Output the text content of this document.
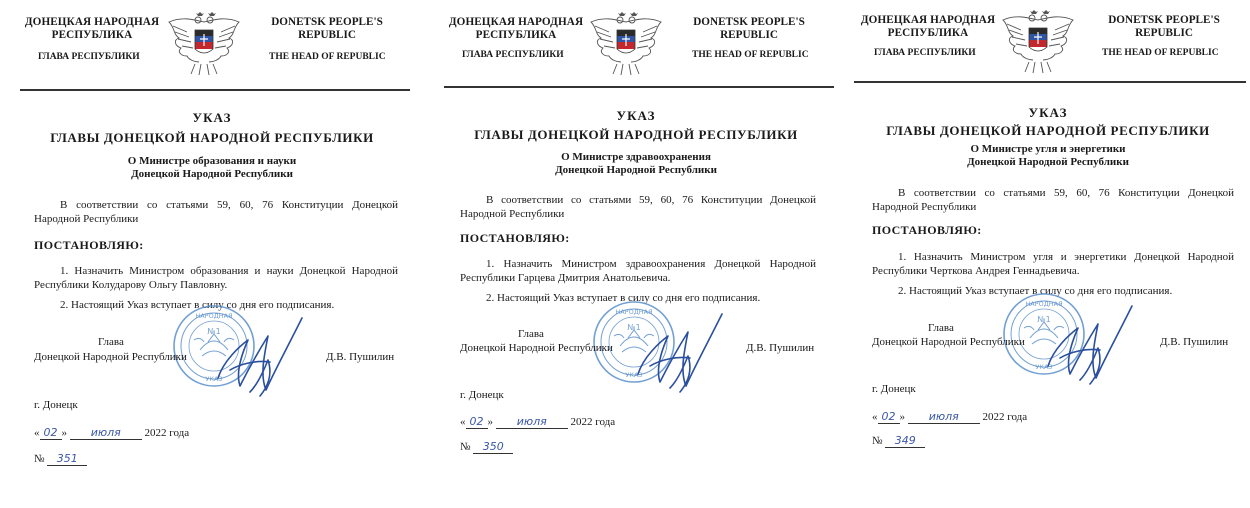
ДОНЕЦКАЯ НАРОДНАЯ РЕСПУБЛИКА
DONETSK PEOPLE'S REPUBLIC
ГЛАВА РЕСПУБЛИКИ	THE HEAD OF REPUBLIC
УКАЗ
ГЛАВЫ ДОНЕЦКОЙ НАРОДНОЙ РЕСПУБЛИКИ
О Министре образования и науки
Донецкой Народной Республики
В соответствии со статьями 59, 60, 76 Конституции Донецкой Народной Республики
ПОСТАНОВЛЯЮ:
1. Назначить Министром образования и науки Донецкой Народной Республики Колударову Ольгу Павловну.
2. Настоящий Указ вступает в силу со дня его подписания.
НАРОДНАЯ
№1
УКАЗ
Глава
Донецкой Народной Республики	Д.В. Пушилин
г. Донецк
« 02 » июля 2022 года
№ 351
ДОНЕЦКАЯ НАРОДНАЯ РЕСПУБЛИКА
DONETSK PEOPLE'S REPUBLIC
ГЛАВА РЕСПУБЛИКИ	THE HEAD OF REPUBLIC
УКАЗ
ГЛАВЫ ДОНЕЦКОЙ НАРОДНОЙ РЕСПУБЛИКИ
О Министре здравоохранения
Донецкой Народной Республики
В соответствии со статьями 59, 60, 76 Конституции Донецкой Народной Республики
ПОСТАНОВЛЯЮ:
1. Назначить Министром здравоохранения Донецкой Народной Республики Гарцева Дмитрия Анатольевича.
2. Настоящий Указ вступает в силу со дня его подписания.
НАРОДНАЯ
№1
УКАЗ
Глава
Донецкой Народной Республики	Д.В. Пушилин
г. Донецк
« 02 » июля 2022 года
№ 350
ДОНЕЦКАЯ НАРОДНАЯ РЕСПУБЛИКА
DONETSK PEOPLE'S REPUBLIC
ГЛАВА РЕСПУБЛИКИ	THE HEAD OF REPUBLIC
УКАЗ
ГЛАВЫ ДОНЕЦКОЙ НАРОДНОЙ РЕСПУБЛИКИ
О Министре угля и энергетики
Донецкой Народной Республики
В соответствии со статьями 59, 60, 76 Конституции Донецкой Народной Республики
ПОСТАНОВЛЯЮ:
1. Назначить Министром угля и энергетики Донецкой Народной Республики Черткова Андрея Геннадьевича.
2. Настоящий Указ вступает в силу со дня его подписания.
НАРОДНАЯ
№1
УКАЗ
Глава
Донецкой Народной Республики	Д.В. Пушилин
г. Донецк
« 02 » июля 2022 года
№ 349
